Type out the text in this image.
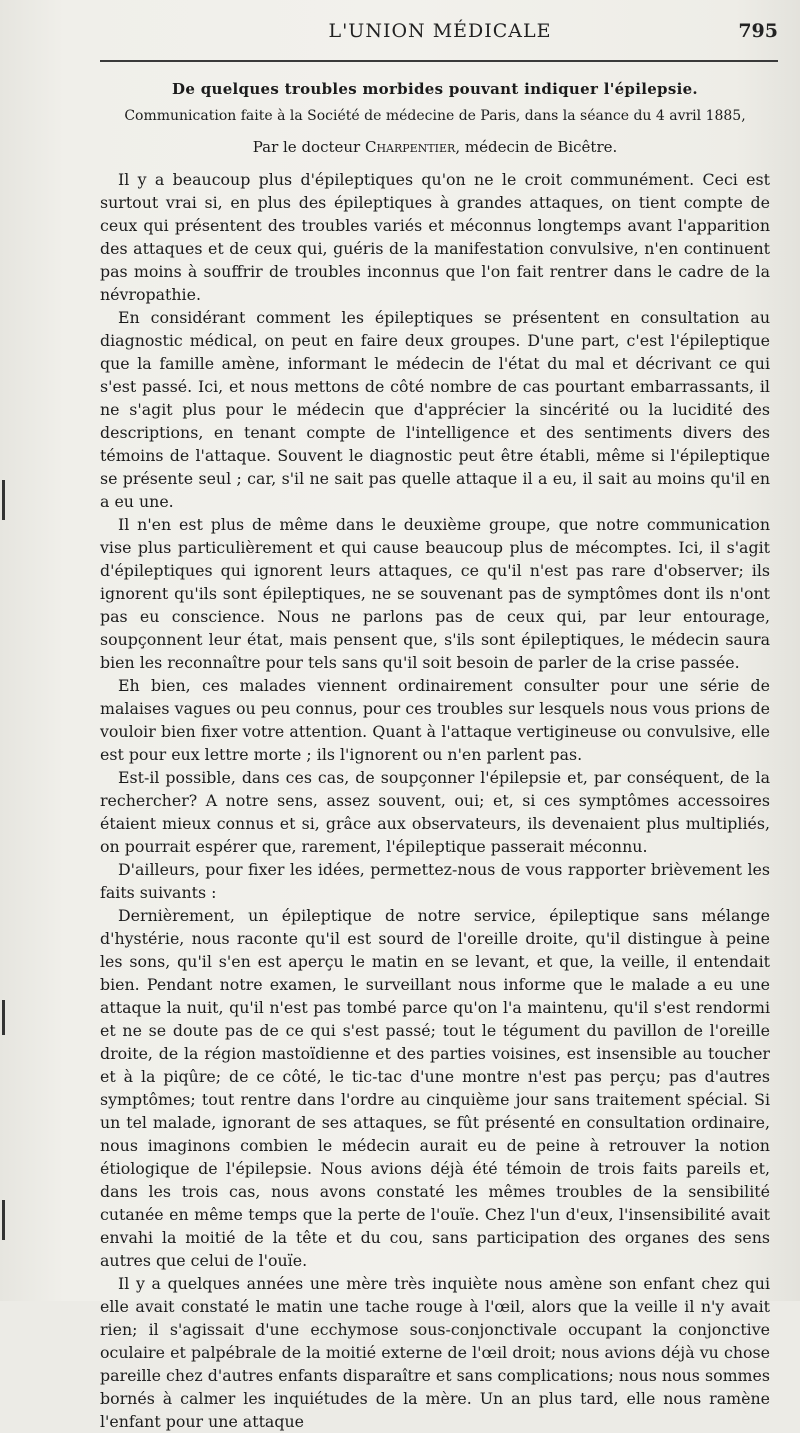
L'UNION MÉDICALE	795
De quelques troubles morbides pouvant indiquer l'épilepsie.
Communication faite à la Société de médecine de Paris, dans la séance du 4 avril 1885,
Par le docteur Charpentier, médecin de Bicêtre.

Il y a beaucoup plus d'épileptiques qu'on ne le croit communément. Ceci est surtout vrai si, en plus des épileptiques à grandes attaques, on tient compte de ceux qui présentent des troubles variés et méconnus longtemps avant l'apparition des attaques et de ceux qui, guéris de la manifestation convulsive, n'en continuent pas moins à souffrir de troubles inconnus que l'on fait rentrer dans le cadre de la névropathie.

En considérant comment les épileptiques se présentent en consultation au diagnostic médical, on peut en faire deux groupes. D'une part, c'est l'épileptique que la famille amène, informant le médecin de l'état du mal et décrivant ce qui s'est passé. Ici, et nous mettons de côté nombre de cas pourtant embarrassants, il ne s'agit plus pour le médecin que d'apprécier la sincérité ou la lucidité des descriptions, en tenant compte de l'intelligence et des sentiments divers des témoins de l'attaque. Souvent le diagnostic peut être établi, même si l'épileptique se présente seul ; car, s'il ne sait pas quelle attaque il a eu, il sait au moins qu'il en a eu une.

Il n'en est plus de même dans le deuxième groupe, que notre communication vise plus particulièrement et qui cause beaucoup plus de mécomptes. Ici, il s'agit d'épileptiques qui ignorent leurs attaques, ce qu'il n'est pas rare d'observer; ils ignorent qu'ils sont épileptiques, ne se souvenant pas de symptômes dont ils n'ont pas eu conscience. Nous ne parlons pas de ceux qui, par leur entourage, soupçonnent leur état, mais pensent que, s'ils sont épileptiques, le médecin saura bien les reconnaître pour tels sans qu'il soit besoin de parler de la crise passée.

Eh bien, ces malades viennent ordinairement consulter pour une série de malaises vagues ou peu connus, pour ces troubles sur lesquels nous vous prions de vouloir bien fixer votre attention. Quant à l'attaque vertigineuse ou convulsive, elle est pour eux lettre morte ; ils l'ignorent ou n'en parlent pas.

Est-il possible, dans ces cas, de soupçonner l'épilepsie et, par conséquent, de la rechercher? A notre sens, assez souvent, oui; et, si ces symptômes accessoires étaient mieux connus et si, grâce aux observateurs, ils devenaient plus multipliés, on pourrait espérer que, rarement, l'épileptique passerait méconnu.

D'ailleurs, pour fixer les idées, permettez-nous de vous rapporter brièvement les faits suivants :

Dernièrement, un épileptique de notre service, épileptique sans mélange d'hystérie, nous raconte qu'il est sourd de l'oreille droite, qu'il distingue à peine les sons, qu'il s'en est aperçu le matin en se levant, et que, la veille, il entendait bien. Pendant notre examen, le surveillant nous informe que le malade a eu une attaque la nuit, qu'il n'est pas tombé parce qu'on l'a maintenu, qu'il s'est rendormi et ne se doute pas de ce qui s'est passé; tout le tégument du pavillon de l'oreille droite, de la région mastoïdienne et des parties voisines, est insensible au toucher et à la piqûre; de ce côté, le tic-tac d'une montre n'est pas perçu; pas d'autres symptômes; tout rentre dans l'ordre au cinquième jour sans traitement spécial. Si un tel malade, ignorant de ses attaques, se fût présenté en consultation ordinaire, nous imaginons combien le médecin aurait eu de peine à retrouver la notion étiologique de l'épilepsie. Nous avions déjà été témoin de trois faits pareils et, dans les trois cas, nous avons constaté les mêmes troubles de la sensibilité cutanée en même temps que la perte de l'ouïe. Chez l'un d'eux, l'insensibilité avait envahi la moitié de la tête et du cou, sans participation des organes des sens autres que celui de l'ouïe.

Il y a quelques années une mère très inquiète nous amène son enfant chez qui elle avait constaté le matin une tache rouge à l'œil, alors que la veille il n'y avait rien; il s'agissait d'une ecchymose sous-conjonctivale occupant la conjonctive oculaire et palpébrale de la moitié externe de l'œil droit; nous avions déjà vu chose pareille chez d'autres enfants disparaître et sans complications; nous nous sommes bornés à calmer les inquiétudes de la mère. Un an plus tard, elle nous ramène l'enfant pour une attaque
